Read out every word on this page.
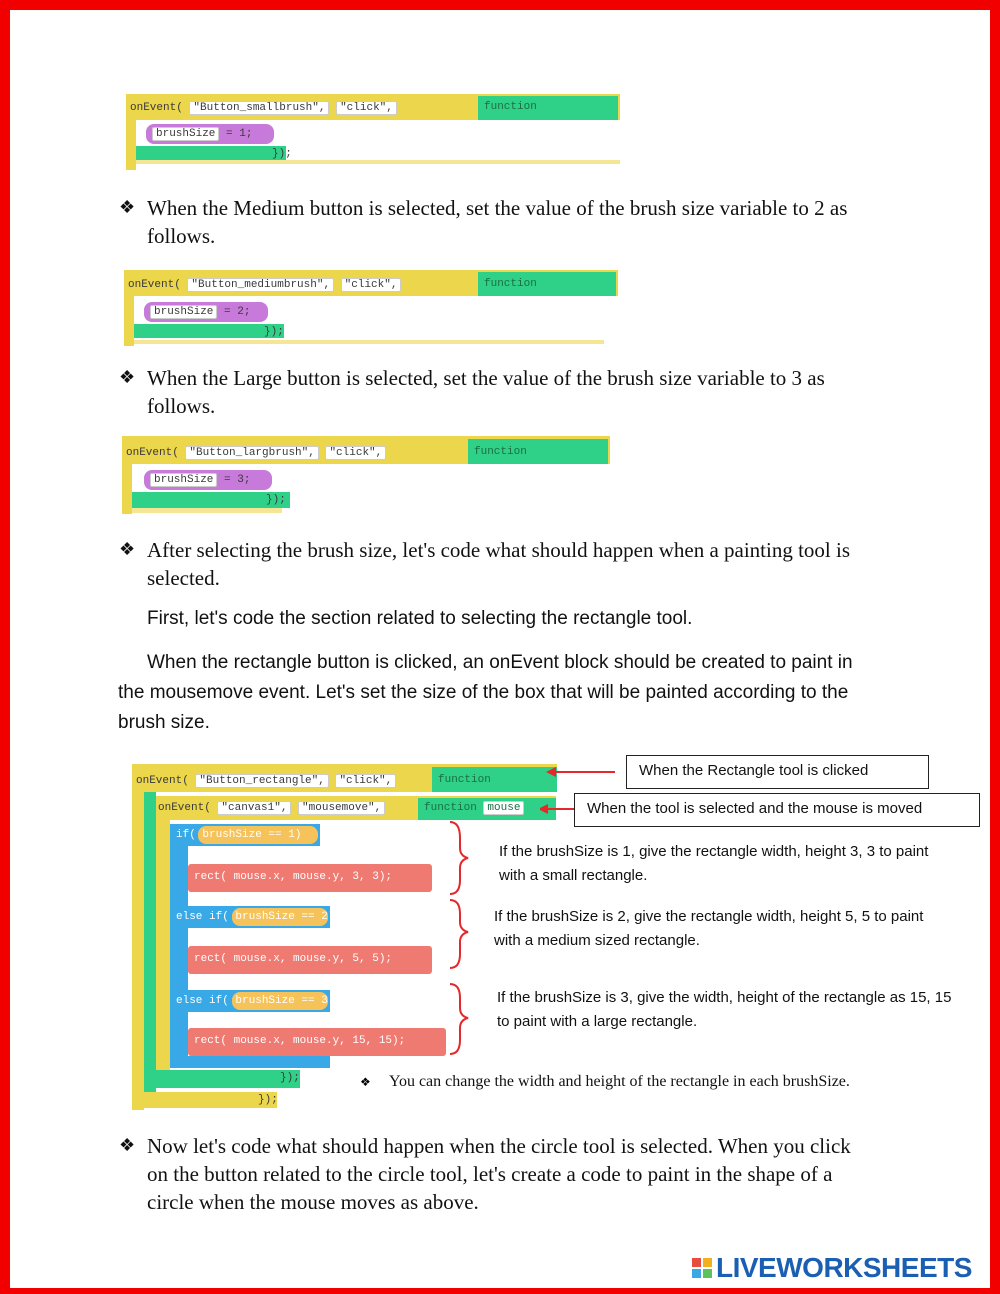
onEvent( "Button_smallbrush", "click",	function
brushSize = 1;
});
❖ When the Medium button is selected, set the value of the brush size variable to 2 as follows.
onEvent( "Button_mediumbrush", "click",	function
brushSize = 2;
});
❖ When the Large button is selected, set the value of the brush size variable to 3 as follows.
onEvent( "Button_largbrush", "click",	function
brushSize = 3;
});
❖ After selecting the brush size, let's code what should happen when a painting tool is selected.
First, let's code the section related to selecting the rectangle tool.
When the rectangle button is clicked, an onEvent block should be created to paint in the mousemove event. Let's set the size of the box that will be painted according to the brush size.
onEvent( "Button_rectangle", "click",	function
onEvent( "canvas1", "mousemove",	function mouse
if( brushSize == 1)
rect( mouse.x, mouse.y, 3, 3);
else if( brushSize == 2)
rect( mouse.x, mouse.y, 5, 5);
else if( brushSize == 3)
rect( mouse.x, mouse.y, 15, 15);
});
});
When the Rectangle tool is clicked
When the tool is selected and the mouse is moved
If the brushSize is 1, give the rectangle width, height 3, 3 to paint with a small rectangle.
If the brushSize is 2, give the rectangle width, height 5, 5 to paint with a medium sized rectangle.
If the brushSize is 3, give the width, height of the rectangle as 15, 15 to paint with a large rectangle.
❖ You can change the width and height of the rectangle in each brushSize.
❖ Now let's code what should happen when the circle tool is selected. When you click on the button related to the circle tool, let's create a code to paint in the shape of a circle when the mouse moves as above.
LIVEWORKSHEETS
